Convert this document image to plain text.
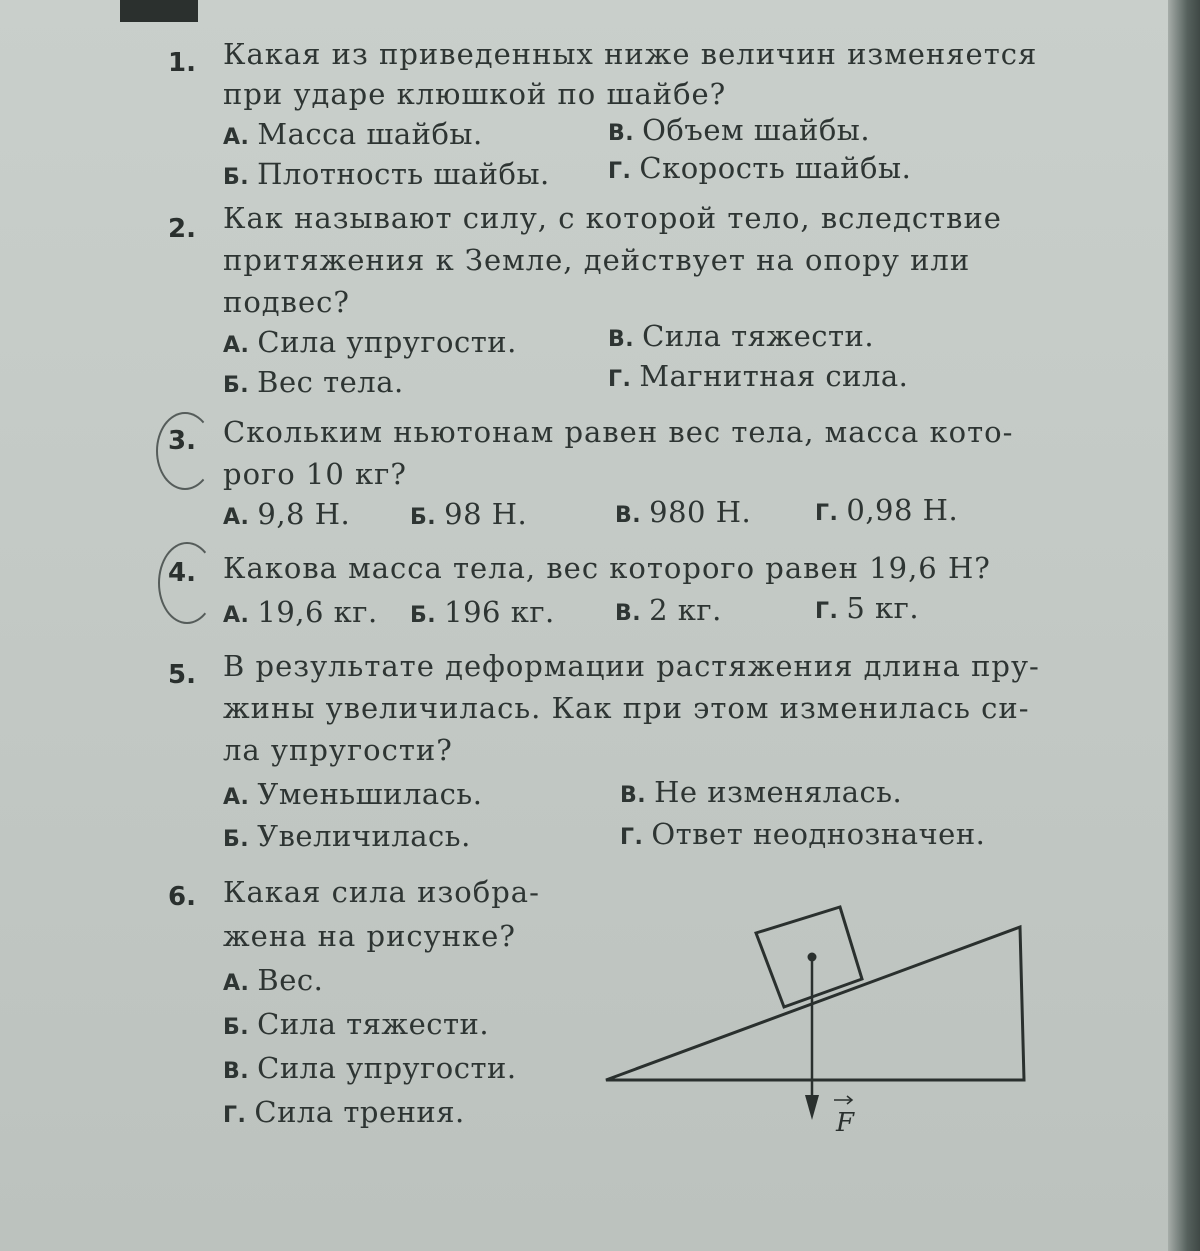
1. Какая из приведенных ниже величин изменяется
при ударе клюшкой по шайбе?
А. Масса шайбы.	В. Объем шайбы.
Б. Плотность шайбы.	Г. Скорость шайбы.
2. Как называют силу, с которой тело, вследствие
притяжения к Земле, действует на опору или
подвес?
А. Сила упругости.	В. Сила тяжести.
Б. Вес тела.	Г. Магнитная сила.
3. Скольким ньютонам равен вес тела, масса кото-
рого 10 кг?
А. 9,8 Н.	Б. 98 Н.	В. 980 Н.	Г. 0,98 Н.
4. Какова масса тела, вес которого равен 19,6 Н?
А. 19,6 кг. Б. 196 кг.	В. 2 кг.	Г. 5 кг.
5. В результате деформации растяжения длина пру-
жины увеличилась. Как при этом изменилась си-
ла упругости?
А. Уменьшилась.	В. Не изменялась.
Б. Увеличилась.	Г. Ответ неоднозначен.
6. Какая сила изобра-
жена на рисунке?
А. Вес.
Б. Сила тяжести.
В. Сила упругости.
Г. Сила трения.	F
